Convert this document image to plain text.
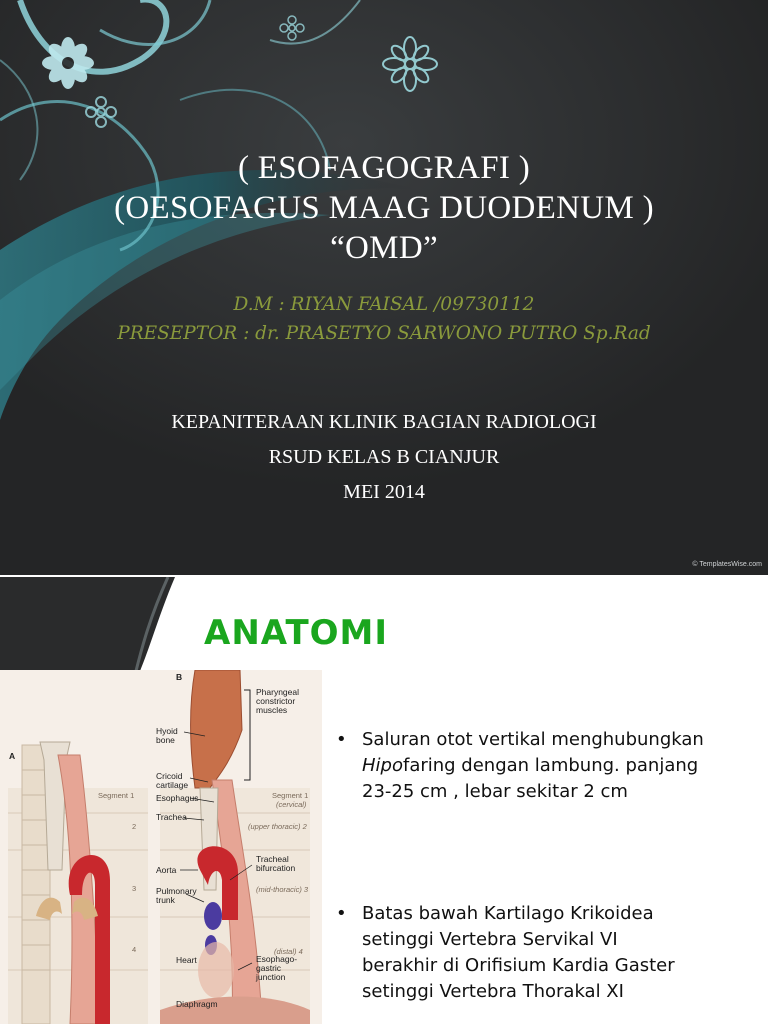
( ESOFAGOGRAFI )
(OESOFAGUS MAAG DUODENUM )
“OMD”
D.M : RIYAN FAISAL /09730112
PRESEPTOR : dr. PRASETYO SARWONO PUTRO Sp.Rad
KEPANITERAAN KLINIK BAGIAN RADIOLOGI
RSUD KELAS B CIANJUR
MEI 2014
© TemplatesWise.com
ANATOMI
A
B
Hyoid bone
Cricoid cartilage
Esophagus
Trachea
Aorta
Pulmonary trunk
Heart
Diaphragm
Pharyngeal constrictor muscles
Tracheal bifurcation
Esophago- gastric junction
Segment 1
2
3
4
Segment 1
(cervical)
(upper thoracic) 2
(mid-thoracic) 3
(distal) 4
• Saluran otot vertikal menghubungkan

Hipofaring dengan lambung. panjang

23-25 cm , lebar sekitar 2 cm

• Batas bawah Kartilago Krikoidea

setinggi Vertebra Servikal VI

berakhir di Orifisium Kardia Gaster

setinggi Vertebra Thorakal XI
